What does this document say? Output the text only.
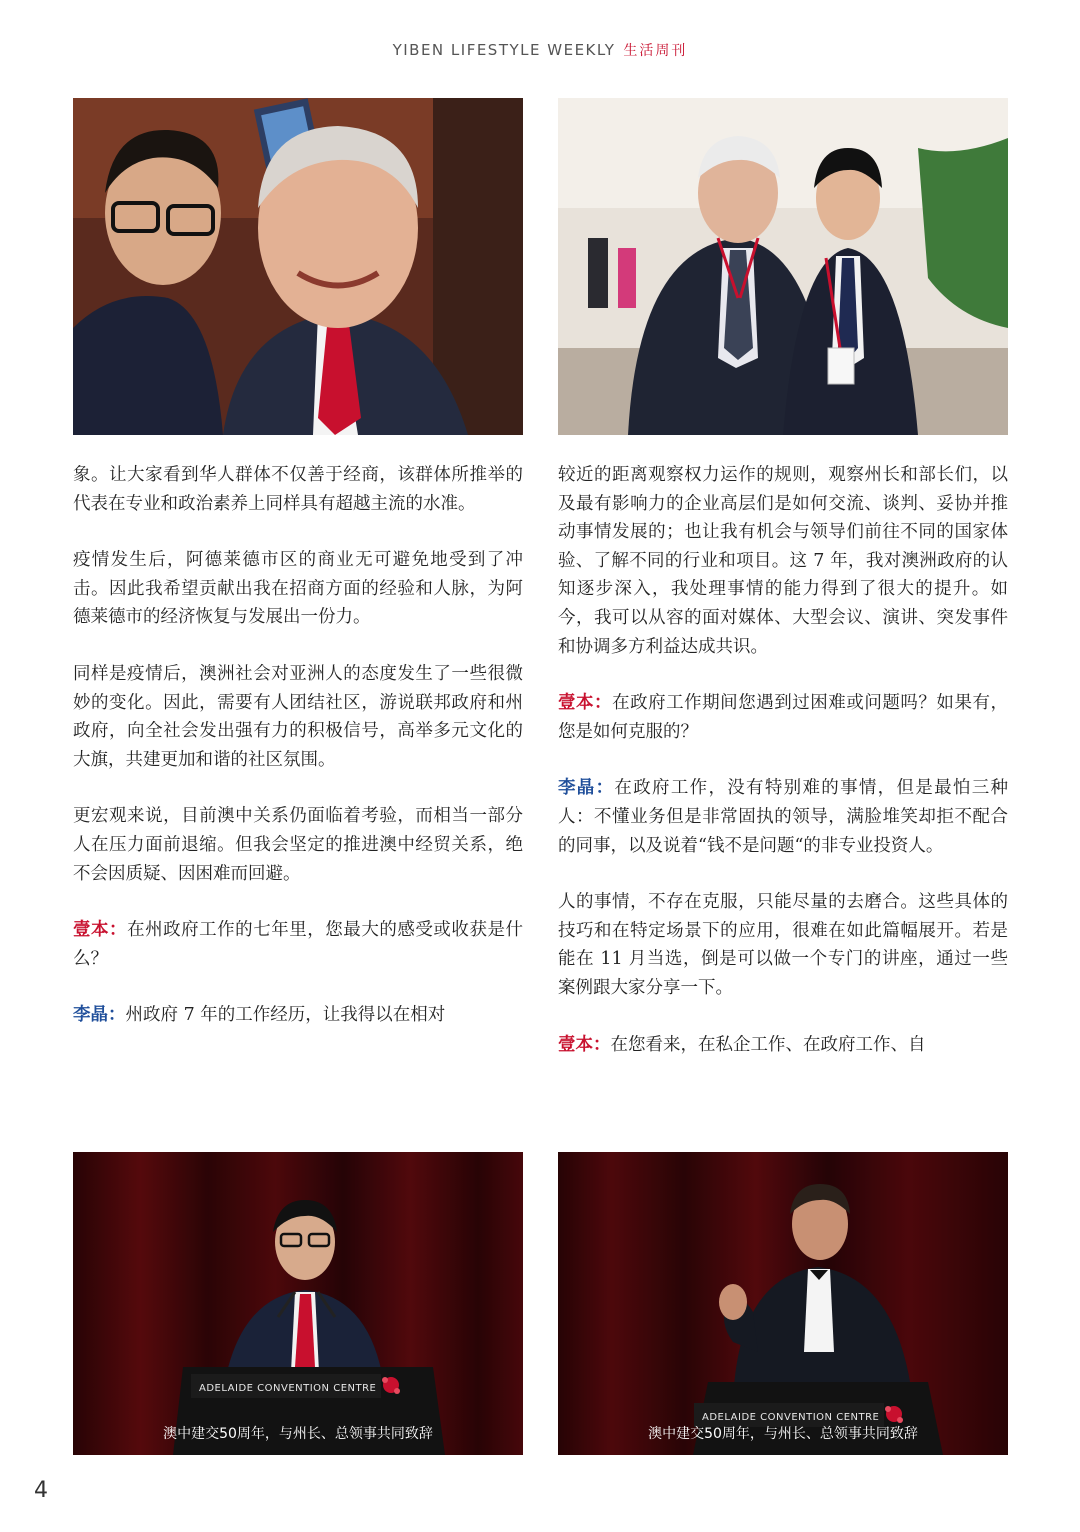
YIBEN LIFESTYLE WEEKLY 生活周刊

象。让大家看到华人群体不仅善于经商，该群体所推举的代表在专业和政治素养上同样具有超越主流的水准。

疫情发生后，阿德莱德市区的商业无可避免地受到了冲击。因此我希望贡献出我在招商方面的经验和人脉，为阿德莱德市的经济恢复与发展出一份力。

同样是疫情后，澳洲社会对亚洲人的态度发生了一些很微妙的变化。因此，需要有人团结社区，游说联邦政府和州政府，向全社会发出强有力的积极信号，高举多元文化的大旗，共建更加和谐的社区氛围。

更宏观来说，目前澳中关系仍面临着考验，而相当一部分人在压力面前退缩。但我会坚定的推进澳中经贸关系，绝不会因质疑、因困难而回避。

壹本：在州政府工作的七年里，您最大的感受或收获是什么？

李晶：州政府 7 年的工作经历，让我得以在相对

较近的距离观察权力运作的规则，观察州长和部长们，以及最有影响力的企业高层们是如何交流、谈判、妥协并推动事情发展的；也让我有机会与领导们前往不同的国家体验、了解不同的行业和项目。这 7 年，我对澳洲政府的认知逐步深入，我处理事情的能力得到了很大的提升。如今，我可以从容的面对媒体、大型会议、演讲、突发事件和协调多方利益达成共识。

壹本：在政府工作期间您遇到过困难或问题吗？如果有，您是如何克服的？

李晶：在政府工作，没有特别难的事情，但是最怕三种人：不懂业务但是非常固执的领导，满脸堆笑却拒不配合的同事，以及说着“钱不是问题“的非专业投资人。

人的事情，不存在克服，只能尽量的去磨合。这些具体的技巧和在特定场景下的应用，很难在如此篇幅展开。若是能在 11 月当选，倒是可以做一个专门的讲座，通过一些案例跟大家分享一下。

壹本：在您看来，在私企工作、在政府工作、自

ADELAIDE CONVENTION CENTRE
澳中建交50周年，与州长、总领事共同致辞
ADELAIDE CONVENTION CENTRE
澳中建交50周年，与州长、总领事共同致辞
4
